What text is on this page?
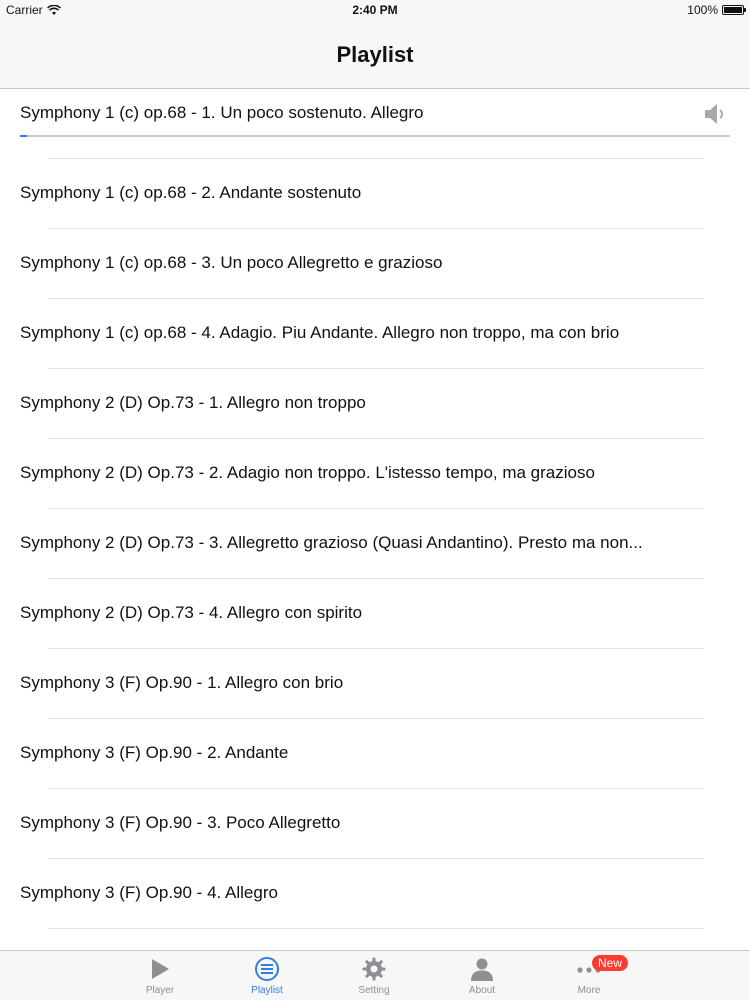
Carrier	2:40 PM	100%
Playlist
Symphony 1 (c) op.68 - 1. Un poco sostenuto. Allegro
Symphony 1 (c) op.68 - 2. Andante sostenuto
Symphony 1 (c) op.68 - 3. Un poco Allegretto e grazioso
Symphony 1 (c) op.68 - 4. Adagio. Piu Andante. Allegro non troppo, ma con brio
Symphony 2 (D) Op.73 - 1. Allegro non troppo
Symphony 2 (D) Op.73 - 2. Adagio non troppo. L'istesso tempo, ma grazioso
Symphony 2 (D) Op.73 - 3. Allegretto grazioso (Quasi Andantino). Presto ma non...
Symphony 2 (D) Op.73 - 4. Allegro con spirito
Symphony 3 (F) Op.90 - 1. Allegro con brio
Symphony 3 (F) Op.90 - 2. Andante
Symphony 3 (F) Op.90 - 3. Poco Allegretto
Symphony 3 (F) Op.90 - 4. Allegro
Player	Playlist	Setting	About
New
More
